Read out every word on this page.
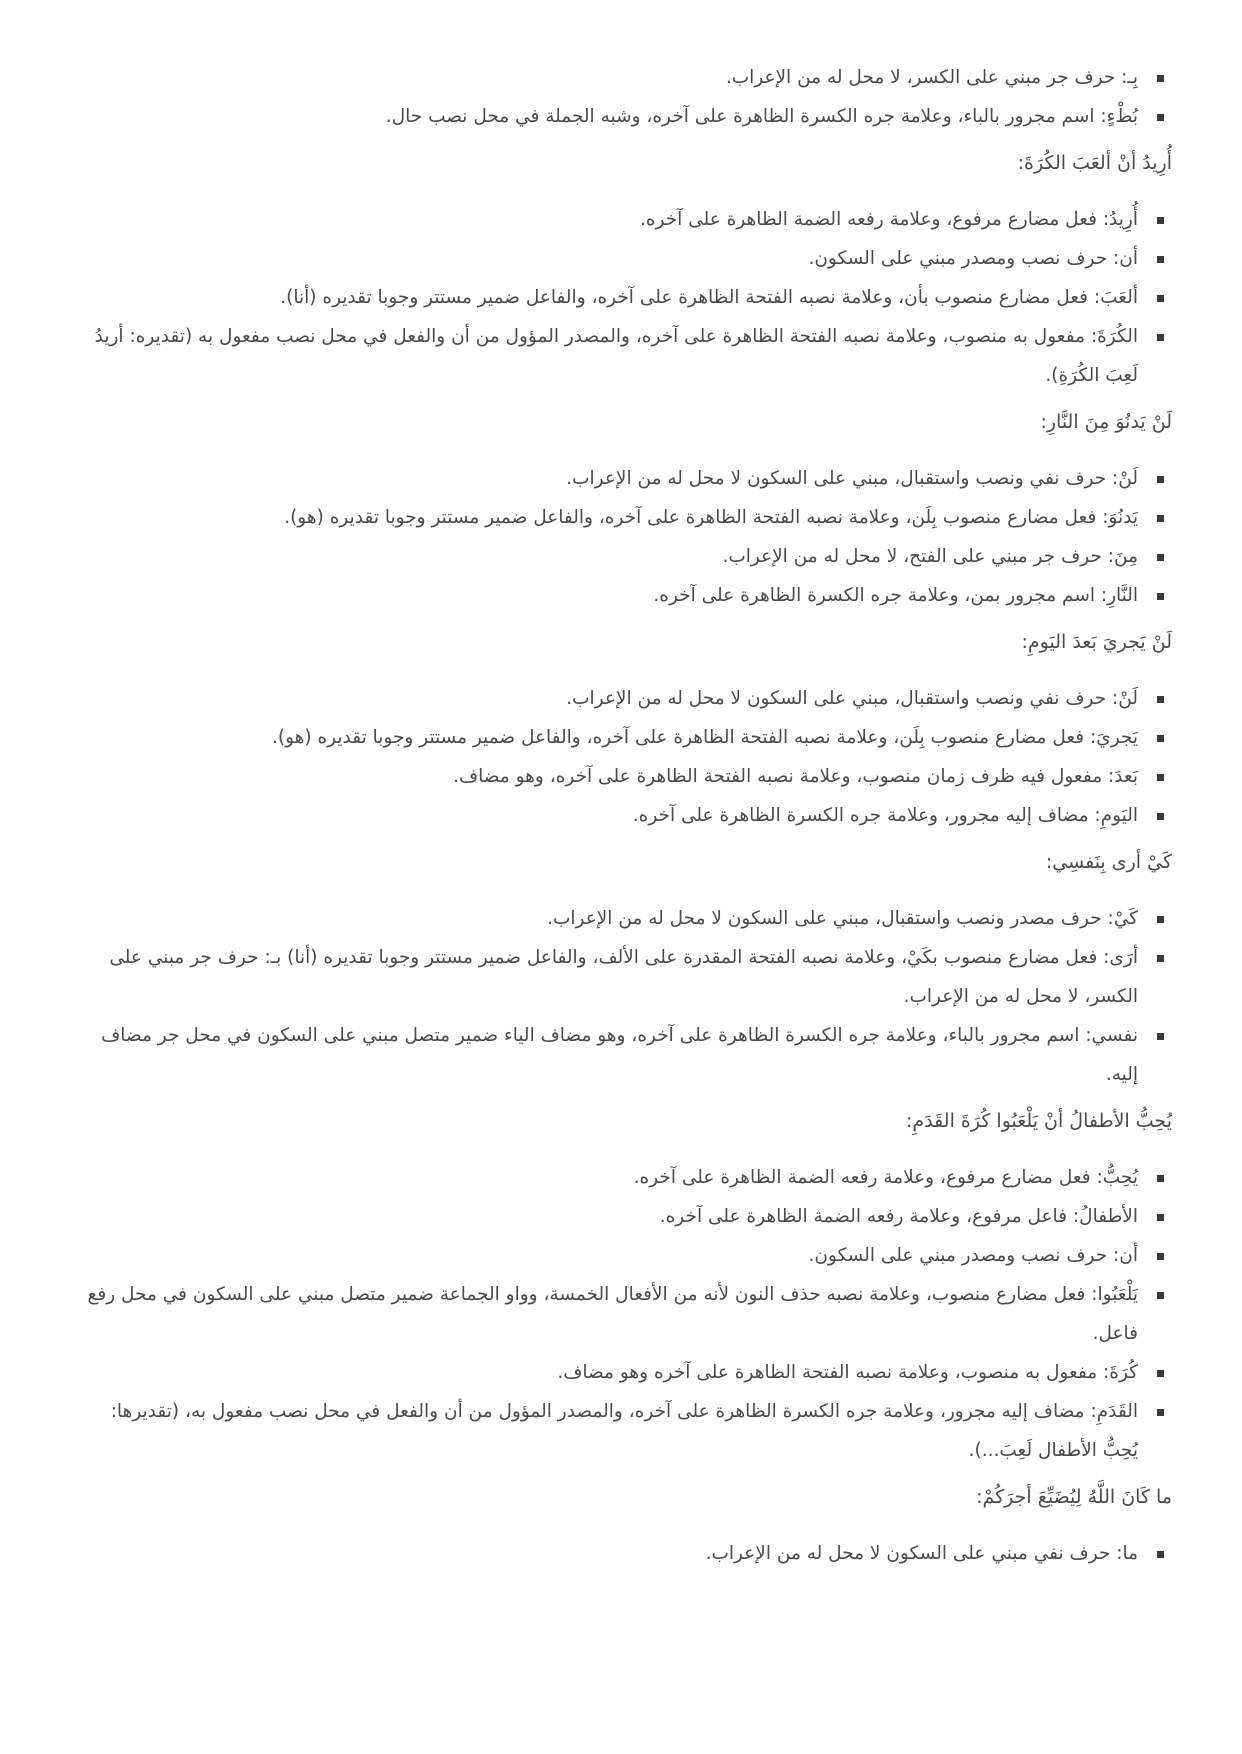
بِـ: حرف جر مبني على الكسر، لا محل له من الإعراب.
بُطْءٍ: اسم مجرور بالباء، وعلامة جره الكسرة الظاهرة على آخره، وشبه الجملة في محل نصب حال.
أُرِيدُ أنْ ألعَبَ الكُرَةَ:
أُرِيدُ: فعل مضارع مرفوع، وعلامة رفعه الضمة الظاهرة على آخره.
أن: حرف نصب ومصدر مبني على السكون.
ألعَبَ: فعل مضارع منصوب بأن، وعلامة نصبه الفتحة الظاهرة على آخره، والفاعل ضمير مستتر وجوبا تقديره (أنا).
الكُرَةَ: مفعول به منصوب، وعلامة نصبه الفتحة الظاهرة على آخره، والمصدر المؤول من أن والفعل في محل نصب مفعول به (تقديره: أريدُ لَعِبَ الكُرَةِ).
لَنْ يَدنُوَ مِنَ النَّارِ:
لَنْ: حرف نفي ونصب واستقبال، مبني على السكون لا محل له من الإعراب.
يَدنُوَ: فعل مضارع منصوب بِلَن، وعلامة نصبه الفتحة الظاهرة على آخره، والفاعل ضمير مستتر وجوبا تقديره (هو).
مِنَ: حرف جر مبني على الفتح، لا محل له من الإعراب.
النَّارِ: اسم مجرور بمن، وعلامة جره الكسرة الظاهرة على آخره.
لَنْ يَجريَ بَعدَ اليَومِ:
لَنْ: حرف نفي ونصب واستقبال، مبني على السكون لا محل له من الإعراب.
يَجريَ: فعل مضارع منصوب بِلَن، وعلامة نصبه الفتحة الظاهرة على آخره، والفاعل ضمير مستتر وجوبا تقديره (هو).
بَعدَ: مفعول فيه ظرف زمان منصوب، وعلامة نصبه الفتحة الظاهرة على آخره، وهو مضاف.
اليَومِ: مضاف إليه مجرور، وعلامة جره الكسرة الظاهرة على آخره.
كَيْ أرى بِنَفسِي:
كَيْ: حرف مصدر ونصب واستقبال، مبني على السكون لا محل له من الإعراب.
أرَى: فعل مضارع منصوب بكَيْ، وعلامة نصبه الفتحة المقدرة على الألف، والفاعل ضمير مستتر وجوبا تقديره (أنا) بـ: حرف جر مبني على الكسر، لا محل له من الإعراب.
نفسي: اسم مجرور بالباء، وعلامة جره الكسرة الظاهرة على آخره، وهو مضاف الياء ضمير متصل مبني على السكون في محل جر مضاف إليه.
يُحِبُّ الأطفالُ أنْ يَلْعَبُوا كُرَةَ القَدَمِ:
يُحِبُّ: فعل مضارع مرفوع، وعلامة رفعه الضمة الظاهرة على آخره.
الأطفالُ: فاعل مرفوع، وعلامة رفعه الضمة الظاهرة على آخره.
أن: حرف نصب ومصدر مبني على السكون.
يَلْعَبُوا: فعل مضارع منصوب، وعلامة نصبه حذف النون لأنه من الأفعال الخمسة، وواو الجماعة ضمير متصل مبني على السكون في محل رفع فاعل.
كُرَةَ: مفعول به منصوب، وعلامة نصبه الفتحة الظاهرة على آخره وهو مضاف.
القَدَمِ: مضاف إليه مجرور، وعلامة جره الكسرة الظاهرة على آخره، والمصدر المؤول من أن والفعل في محل نصب مفعول به، (تقديرها: يُحِبُّ الأطفال لَعِبَ...).
ما كَانَ اللَّهُ لِيُضَيِّعَ أجرَكُمْ:
ما: حرف نفي مبني على السكون لا محل له من الإعراب.
